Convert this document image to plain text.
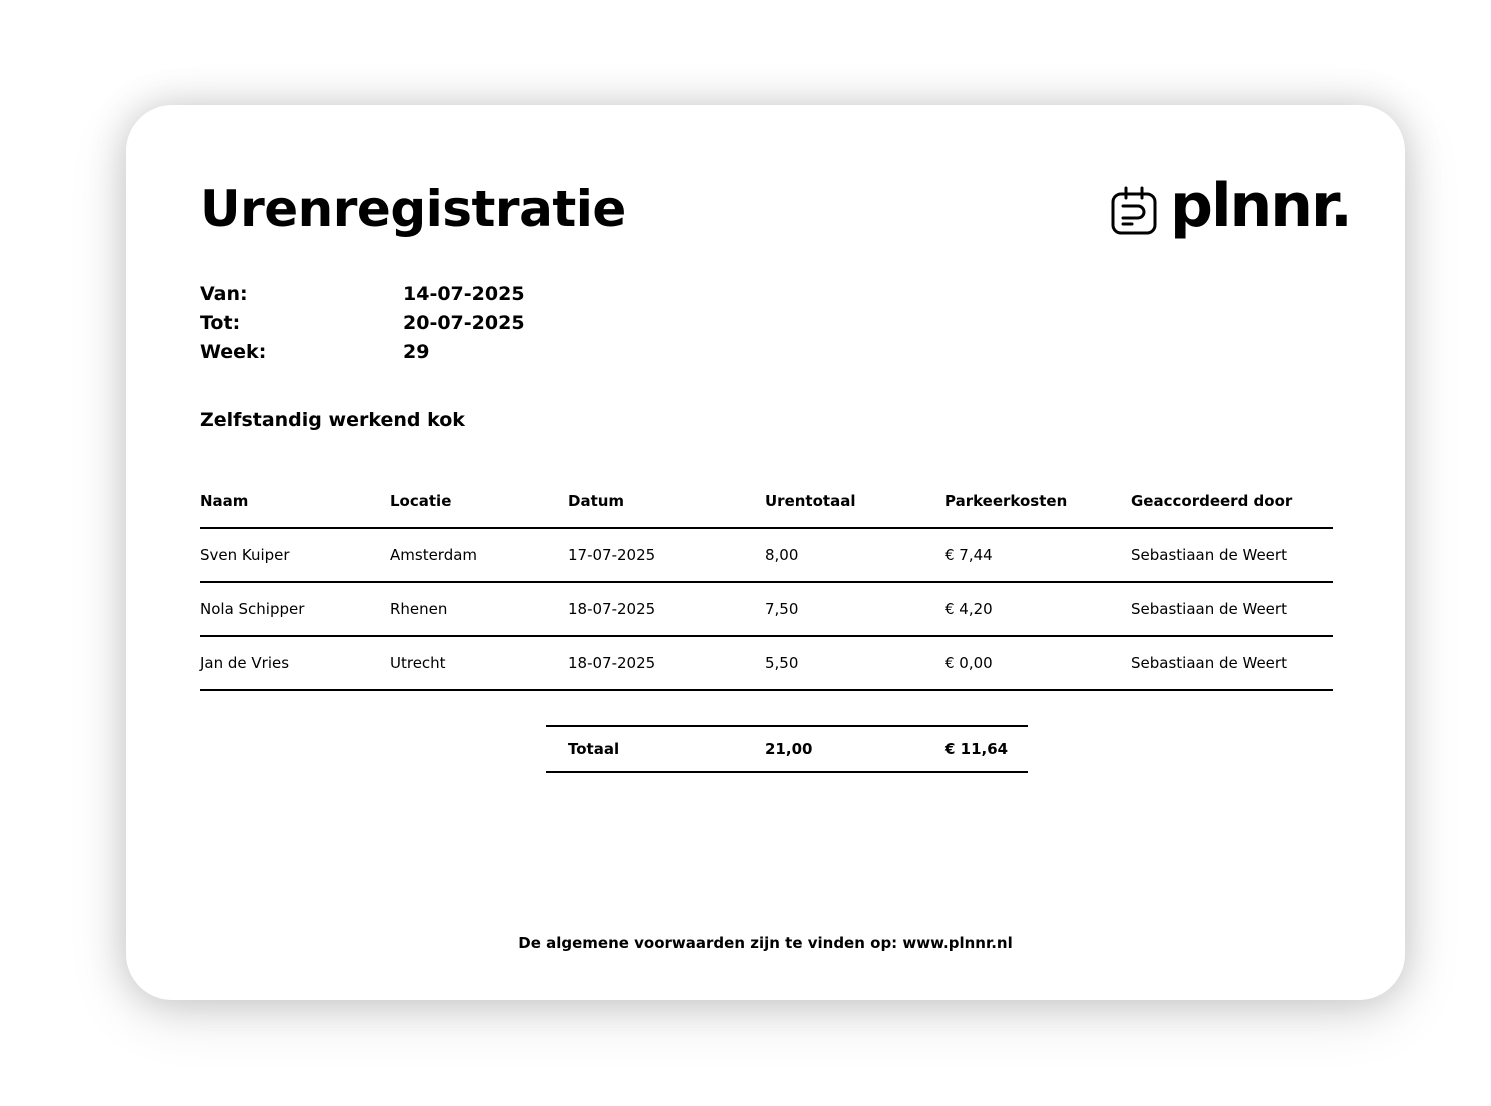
Urenregistratie	plnnr.
Van:	14-07-2025
Tot:	20-07-2025
Week:	29
Zelfstandig werkend kok
Naam	Locatie	Datum	Urentotaal	Parkeerkosten	Geaccordeerd door
Sven Kuiper	Amsterdam	17-07-2025	8,00	€ 7,44	Sebastiaan de Weert
Nola Schipper	Rhenen	18-07-2025	7,50	€ 4,20	Sebastiaan de Weert
Jan de Vries	Utrecht	18-07-2025	5,50	€ 0,00	Sebastiaan de Weert
Totaal	21,00	€ 11,64
De algemene voorwaarden zijn te vinden op: www.plnnr.nl
